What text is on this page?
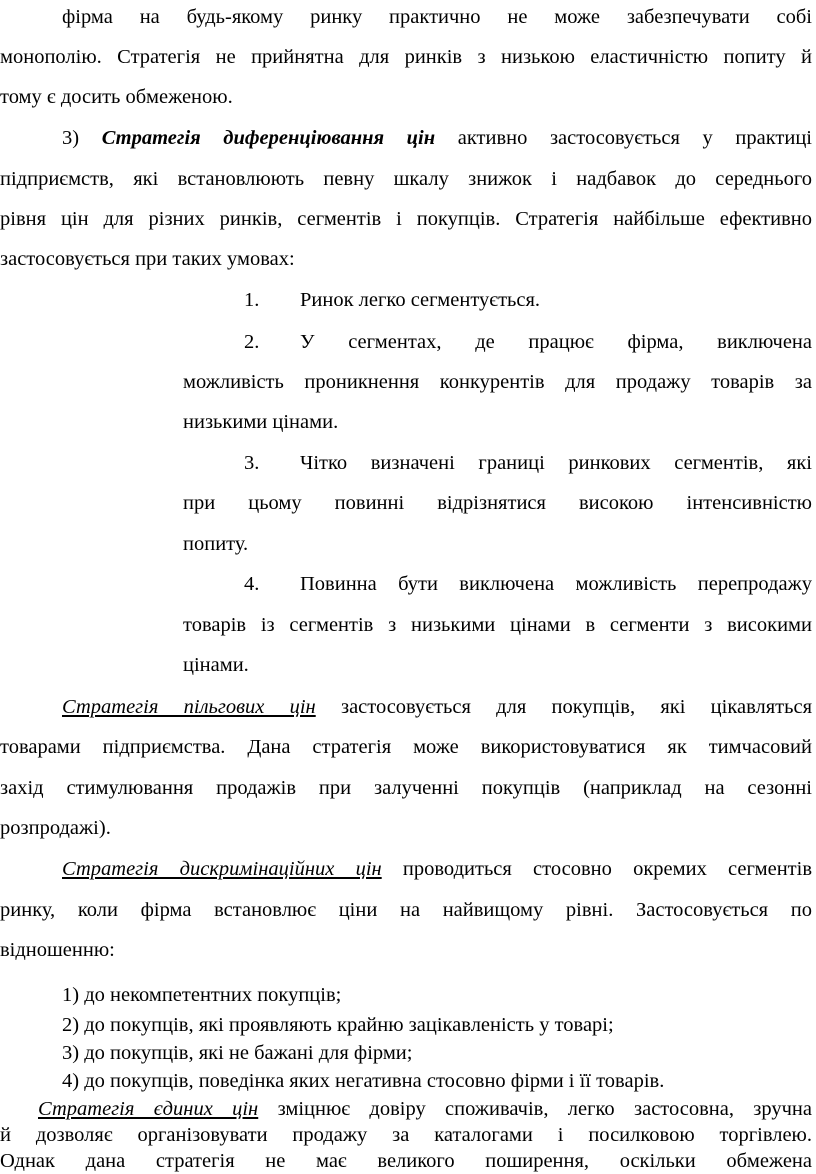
фірма на будь-якому ринку практично не може забезпечувати собі
монополію. Стратегія не прийнятна для ринків з низькою еластичністю попиту й
тому є досить обмеженою.
3) Стратегія диференціювання цін активно застосовується у практиці
підприємств, які встановлюють певну шкалу знижок і надбавок до середнього
рівня цін для різних ринків, сегментів і покупців. Стратегія найбільше ефективно
застосовується при таких умовах:
1.	Ринок легко сегментується.
2.	У сегментах, де працює фірма, виключена
можливість проникнення конкурентів для продажу товарів за
низькими цінами.
3.	Чітко визначені границі ринкових сегментів, які
при цьому повинні відрізнятися високою інтенсивністю
попиту.
4.	Повинна бути виключена можливість перепродажу
товарів із сегментів з низькими цінами в сегменти з високими
цінами.
Стратегія пільгових цін застосовується для покупців, які цікавляться
товарами підприємства. Дана стратегія може використовуватися як тимчасовий
захід стимулювання продажів при залученні покупців (наприклад на сезонні
розпродажі).
Стратегія дискримінаційних цін проводиться стосовно окремих сегментів
ринку, коли фірма встановлює ціни на найвищому рівні. Застосовується по
відношенню:
1) до некомпетентних покупців;
2) до покупців, які проявляють крайню зацікавленість у товарі;
3) до покупців, які не бажані для фірми;
4) до покупців, поведінка яких негативна стосовно фірми і її товарів.
Стратегія єдиних цін зміцнює довіру споживачів, легко застосовна, зручна
й дозволяє організовувати продажу за каталогами і посилковою торгівлею.
Однак дана стратегія не має великого поширення, оскільки обмежена
